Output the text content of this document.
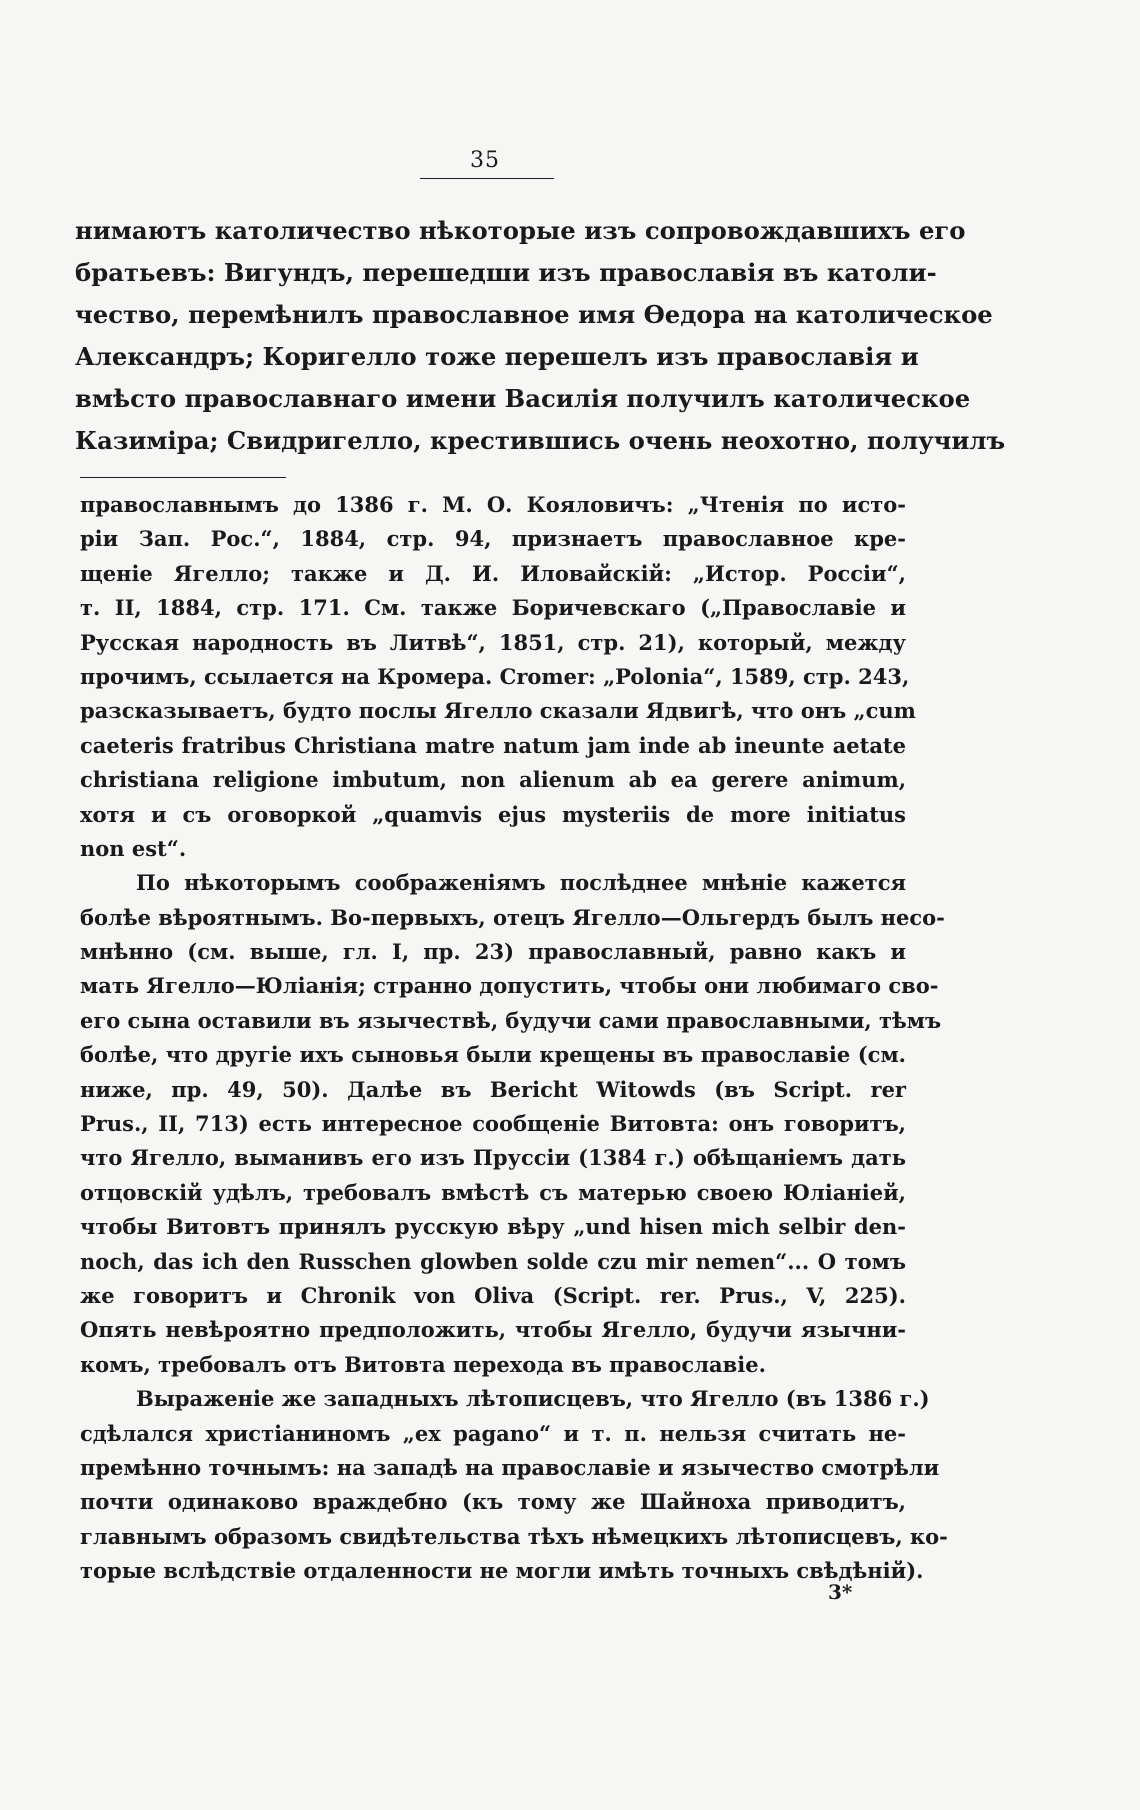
35
нимаютъ католичество нѣкоторые изъ сопровождавшихъ его
братьевъ: Вигундъ, перешедши изъ православія въ католи-
чество, перемѣнилъ православное имя Ѳедора на католическое
Александръ; Коригелло тоже перешелъ изъ православія и
вмѣсто православнаго имени Василія получилъ католическое
Казиміра; Свидригелло, крестившись очень неохотно, получилъ
православнымъ до 1386 г. М. О. Кояловичъ: „Чтенія по исто-
ріи Зап. Рос.“, 1884, стр. 94, признаетъ православное кре-
щеніе Ягелло; также и Д. И. Иловайскій: „Истор. Россіи“,
т. II, 1884, стр. 171. См. также Боричевскаго („Православіе и
Русская народность въ Литвѣ“, 1851, стр. 21), который, между
прочимъ, ссылается на Кромера. Cromer: „Polonia“, 1589, стр. 243,
разсказываетъ, будто послы Ягелло сказали Ядвигѣ, что онъ „cum
caeteris fratribus Christiana matre natum jam inde ab ineunte aetate
christiana religione imbutum, non alienum ab ea gerere animum,
хотя и съ оговоркой „quamvis ejus mysteriis de more initiatus
non est“.
По нѣкоторымъ соображеніямъ послѣднее мнѣніе кажется
болѣе вѣроятнымъ. Во-первыхъ, отецъ Ягелло—Ольгердъ былъ несо-
мнѣнно (см. выше, гл. I, пр. 23) православный, равно какъ и
мать Ягелло—Юліанія; странно допустить, чтобы они любимаго сво-
его сына оставили въ язычествѣ, будучи сами православными, тѣмъ
болѣе, что другіе ихъ сыновья были крещены въ православіе (см.
ниже, пр. 49, 50). Далѣе въ Bericht Witowds (въ Script. rer
Prus., II, 713) есть интересное сообщеніе Витовта: онъ говоритъ,
что Ягелло, выманивъ его изъ Пруссіи (1384 г.) обѣщаніемъ дать
отцовскій удѣлъ, требовалъ вмѣстѣ съ матерью своею Юліаніей,
чтобы Витовтъ принялъ русскую вѣру „und hisen mich selbir den-
noch, das ich den Russchen glowben solde czu mir nemen“... О томъ
же говоритъ и Chronik von Oliva (Script. rer. Prus., V, 225).
Опять невѣроятно предположить, чтобы Ягелло, будучи язычни-
комъ, требовалъ отъ Витовта перехода въ православіе.
Выраженіе же западныхъ лѣтописцевъ, что Ягелло (въ 1386 г.)
сдѣлался христіаниномъ „ex pagano“ и т. п. нельзя считать не-
премѣнно точнымъ: на западѣ на православіе и язычество смотрѣли
почти одинаково враждебно (къ тому же Шайноха приводитъ,
главнымъ образомъ свидѣтельства тѣхъ нѣмецкихъ лѣтописцевъ, ко-
торые вслѣдствіе отдаленности не могли имѣть точныхъ свѣдѣній).
3*
